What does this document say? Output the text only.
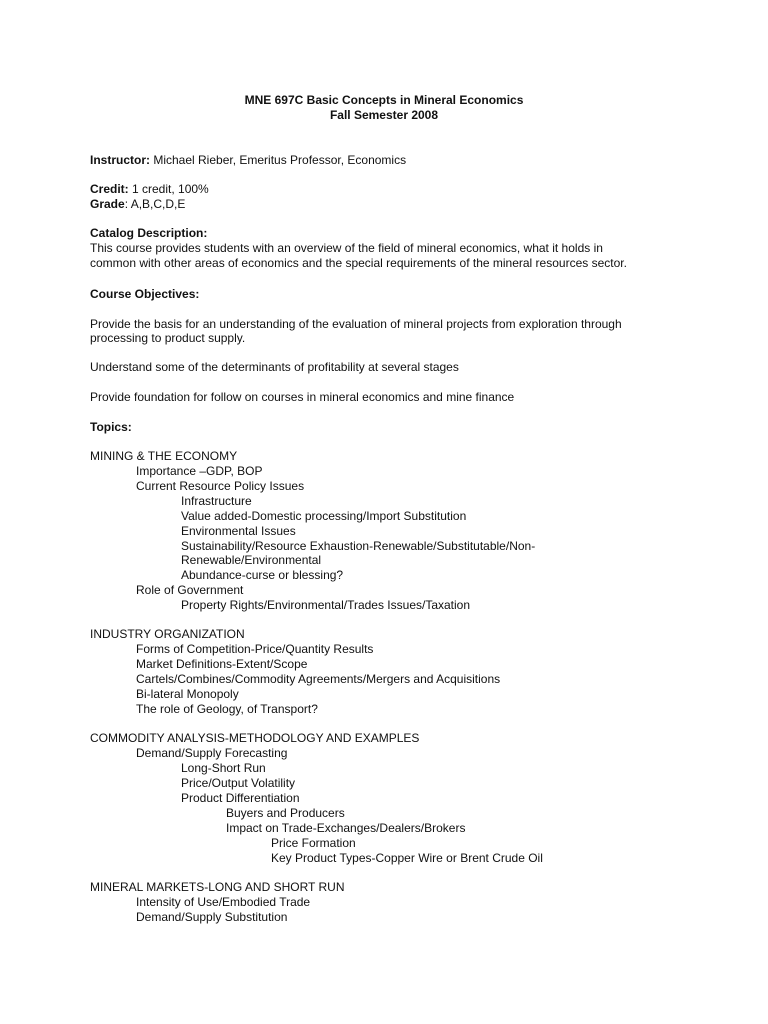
MNE 697C Basic Concepts in Mineral Economics
Fall Semester 2008
Instructor: Michael Rieber, Emeritus Professor, Economics
Credit: 1 credit, 100%
Grade: A,B,C,D,E
Catalog Description:
This course provides students with an overview of the field of mineral economics, what it holds in
common with other areas of economics and the special requirements of the mineral resources sector.
Course Objectives:
Provide the basis for an understanding of the evaluation of mineral projects from exploration through
processing to product supply.
Understand some of the determinants of profitability at several stages
Provide foundation for follow on courses in mineral economics and mine finance
Topics:
MINING & THE ECONOMY
Importance –GDP, BOP
Current Resource Policy Issues
Infrastructure
Value added-Domestic processing/Import Substitution
Environmental Issues
Sustainability/Resource Exhaustion-Renewable/Substitutable/Non-
Renewable/Environmental
Abundance-curse or blessing?
Role of Government
Property Rights/Environmental/Trades Issues/Taxation
INDUSTRY ORGANIZATION
Forms of Competition-Price/Quantity Results
Market Definitions-Extent/Scope
Cartels/Combines/Commodity Agreements/Mergers and Acquisitions
Bi-lateral Monopoly
The role of Geology, of Transport?
COMMODITY ANALYSIS-METHODOLOGY AND EXAMPLES
Demand/Supply Forecasting
Long-Short Run
Price/Output Volatility
Product Differentiation
Buyers and Producers
Impact on Trade-Exchanges/Dealers/Brokers
Price Formation
Key Product Types-Copper Wire or Brent Crude Oil
MINERAL MARKETS-LONG AND SHORT RUN
Intensity of Use/Embodied Trade
Demand/Supply Substitution
